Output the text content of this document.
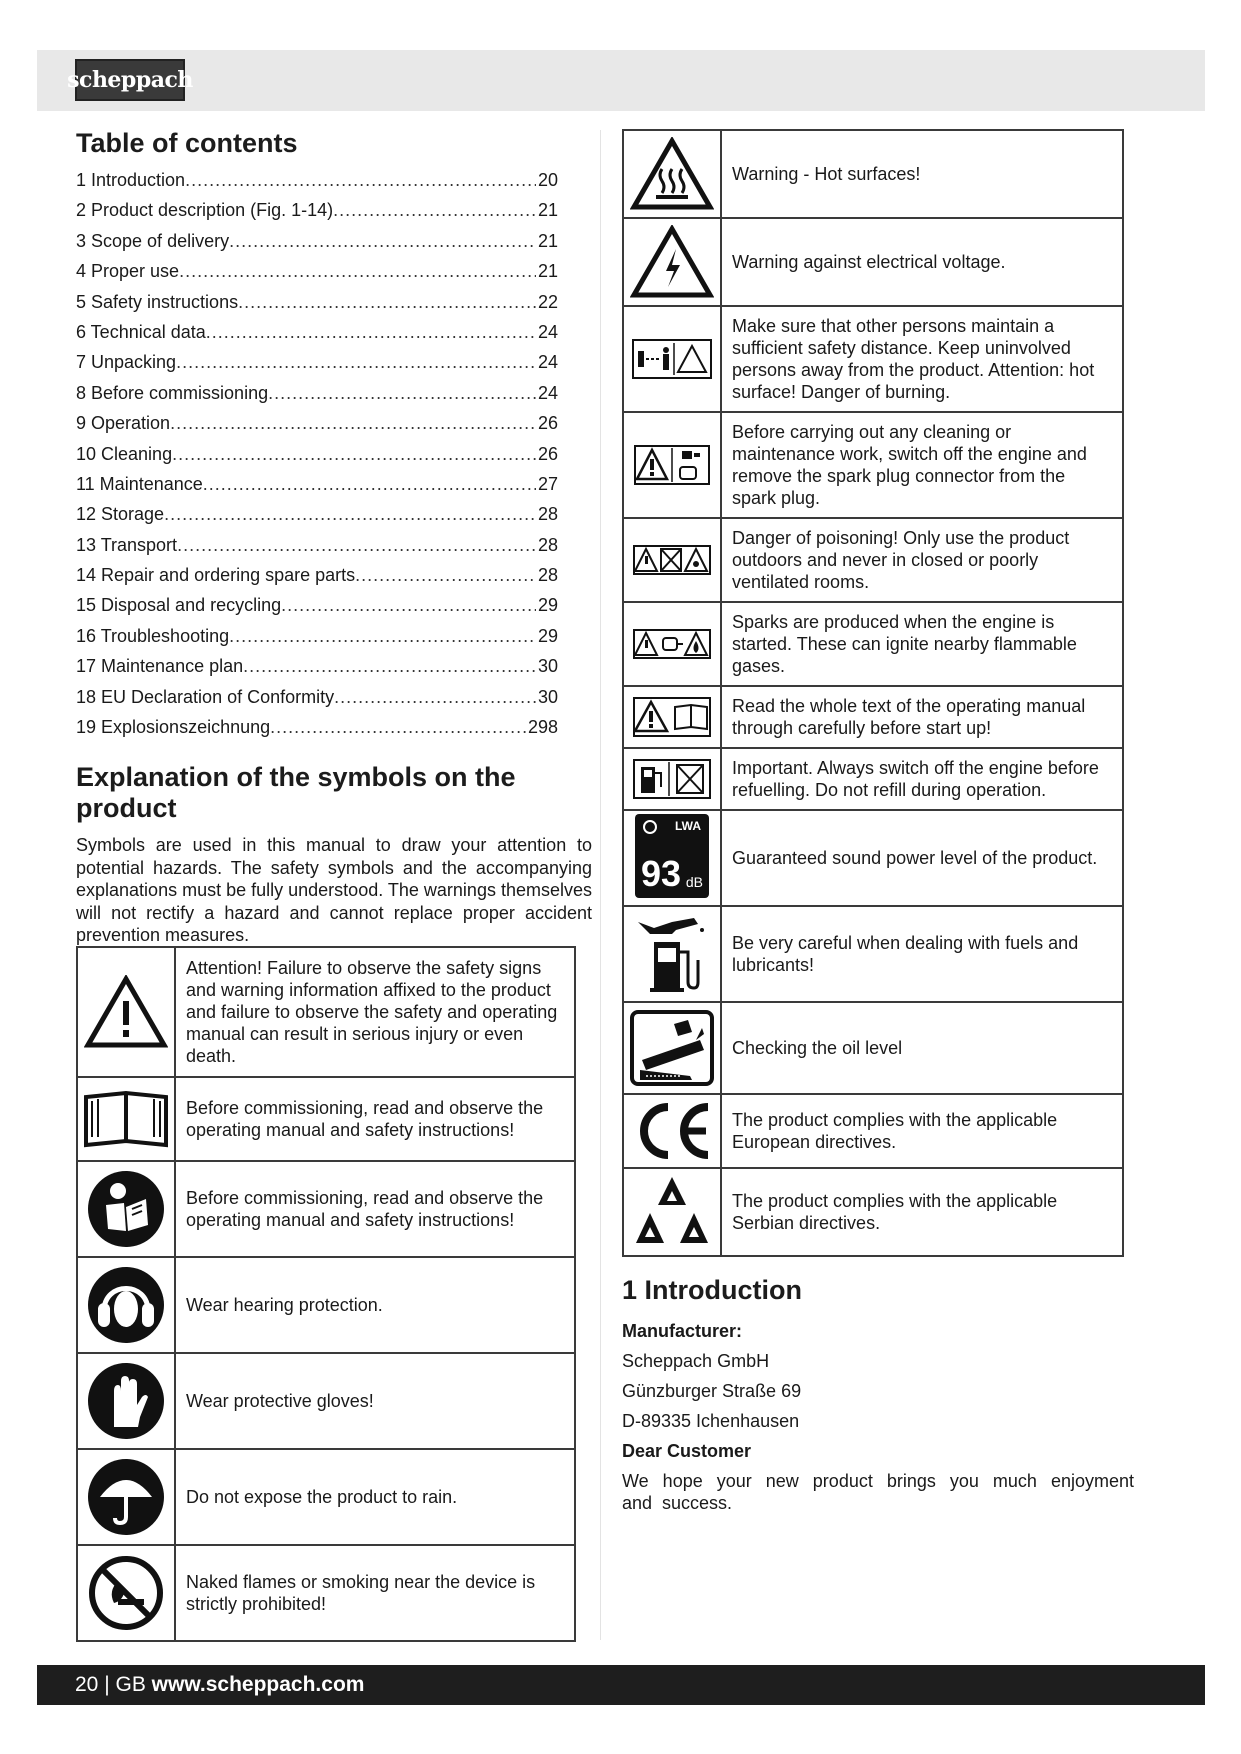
scheppach
Table of contents
1 Introduction .....	20
2 Product description (Fig. 1-14) .....	21
3 Scope of delivery .....	21
4 Proper use .....	21
5 Safety instructions .....	22
6 Technical data .....	24
7 Unpacking .....	24
8 Before commissioning .....	24
9 Operation .....	26
10 Cleaning .....	26
11 Maintenance .....	27
12 Storage .....	28
13 Transport .....	28
14 Repair and ordering spare parts .....	28
15 Disposal and recycling .....	29
16 Troubleshooting .....	29
17 Maintenance plan .....	30
18 EU Declaration of Conformity .....	30
19 Explosionszeichnung .....	298
Explanation of the symbols on the product
Symbols are used in this manual to draw your attention to potential hazards. The safety symbols and the accompanying explanations must be fully understood. The warnings themselves will not rectify a hazard and cannot replace proper accident prevention measures.
	Attention! Failure to observe the safety signs and warning information affixed to the product and failure to observe the safety and operating manual can result in serious injury or even death.

	Before commissioning, read and observe the operating manual and safety instructions!

	Before commissioning, read and observe the operating manual and safety instructions!

	Wear hearing protection.

	Wear protective gloves!

	Do not expose the product to rain.

	Naked flames or smoking near the device is strictly prohibited!
	Warning - Hot surfaces!

	Warning against electrical voltage.

	Make sure that other persons maintain a sufficient safety distance. Keep uninvolved persons away from the product. Attention: hot surface! Danger of burning.

	Before carrying out any cleaning or maintenance work, switch off the engine and remove the spark plug connector from the spark plug.

	Danger of poisoning! Only use the product outdoors and never in closed or poorly ventilated rooms.

	Sparks are produced when the engine is started. These can ignite nearby flammable gases.

	Read the whole text of the operating manual through carefully before start up!

	Important. Always switch off the engine before refuelling. Do not refill during operation.

LWA
93 dB	Guaranteed sound power level of the product.

	Be very careful when dealing with fuels and lubricants!

	Checking the oil level

	The product complies with the applicable European directives.

	The product complies with the applicable Serbian directives.
1 Introduction
Manufacturer:
Scheppach GmbH
Günzburger Straße 69
D-89335 Ichenhausen
Dear Customer
We hope your new product brings you much enjoyment and success.
20 | GB www.scheppach.com
